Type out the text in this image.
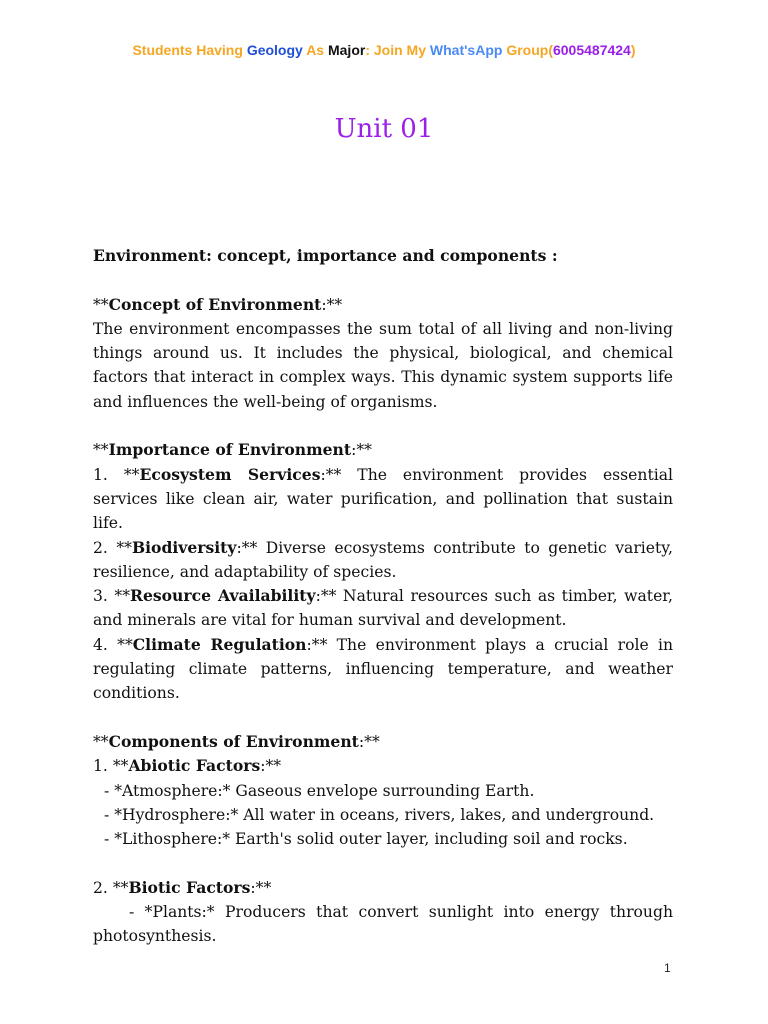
Students Having Geology As Major: Join My What'sApp Group(6005487424)
Unit 01

Environment: concept, importance and components :

**Concept of Environment:**

The environment encompasses the sum total of all living and non-living things around us. It includes the physical, biological, and chemical factors that interact in complex ways. This dynamic system supports life and influences the well-being of organisms.

**Importance of Environment:**

1. **Ecosystem Services:** The environment provides essential services like clean air, water purification, and pollination that sustain life.

2. **Biodiversity:** Diverse ecosystems contribute to genetic variety, resilience, and adaptability of species.

3. **Resource Availability:** Natural resources such as timber, water, and minerals are vital for human survival and development.

4. **Climate Regulation:** The environment plays a crucial role in regulating climate patterns, influencing temperature, and weather conditions.

**Components of Environment:**

1. **Abiotic Factors:**

- *Atmosphere:* Gaseous envelope surrounding Earth.

- *Hydrosphere:* All water in oceans, rivers, lakes, and underground.

- *Lithosphere:* Earth's solid outer layer, including soil and rocks.

2. **Biotic Factors:**

- *Plants:* Producers that convert sunlight into energy through photosynthesis.

1
